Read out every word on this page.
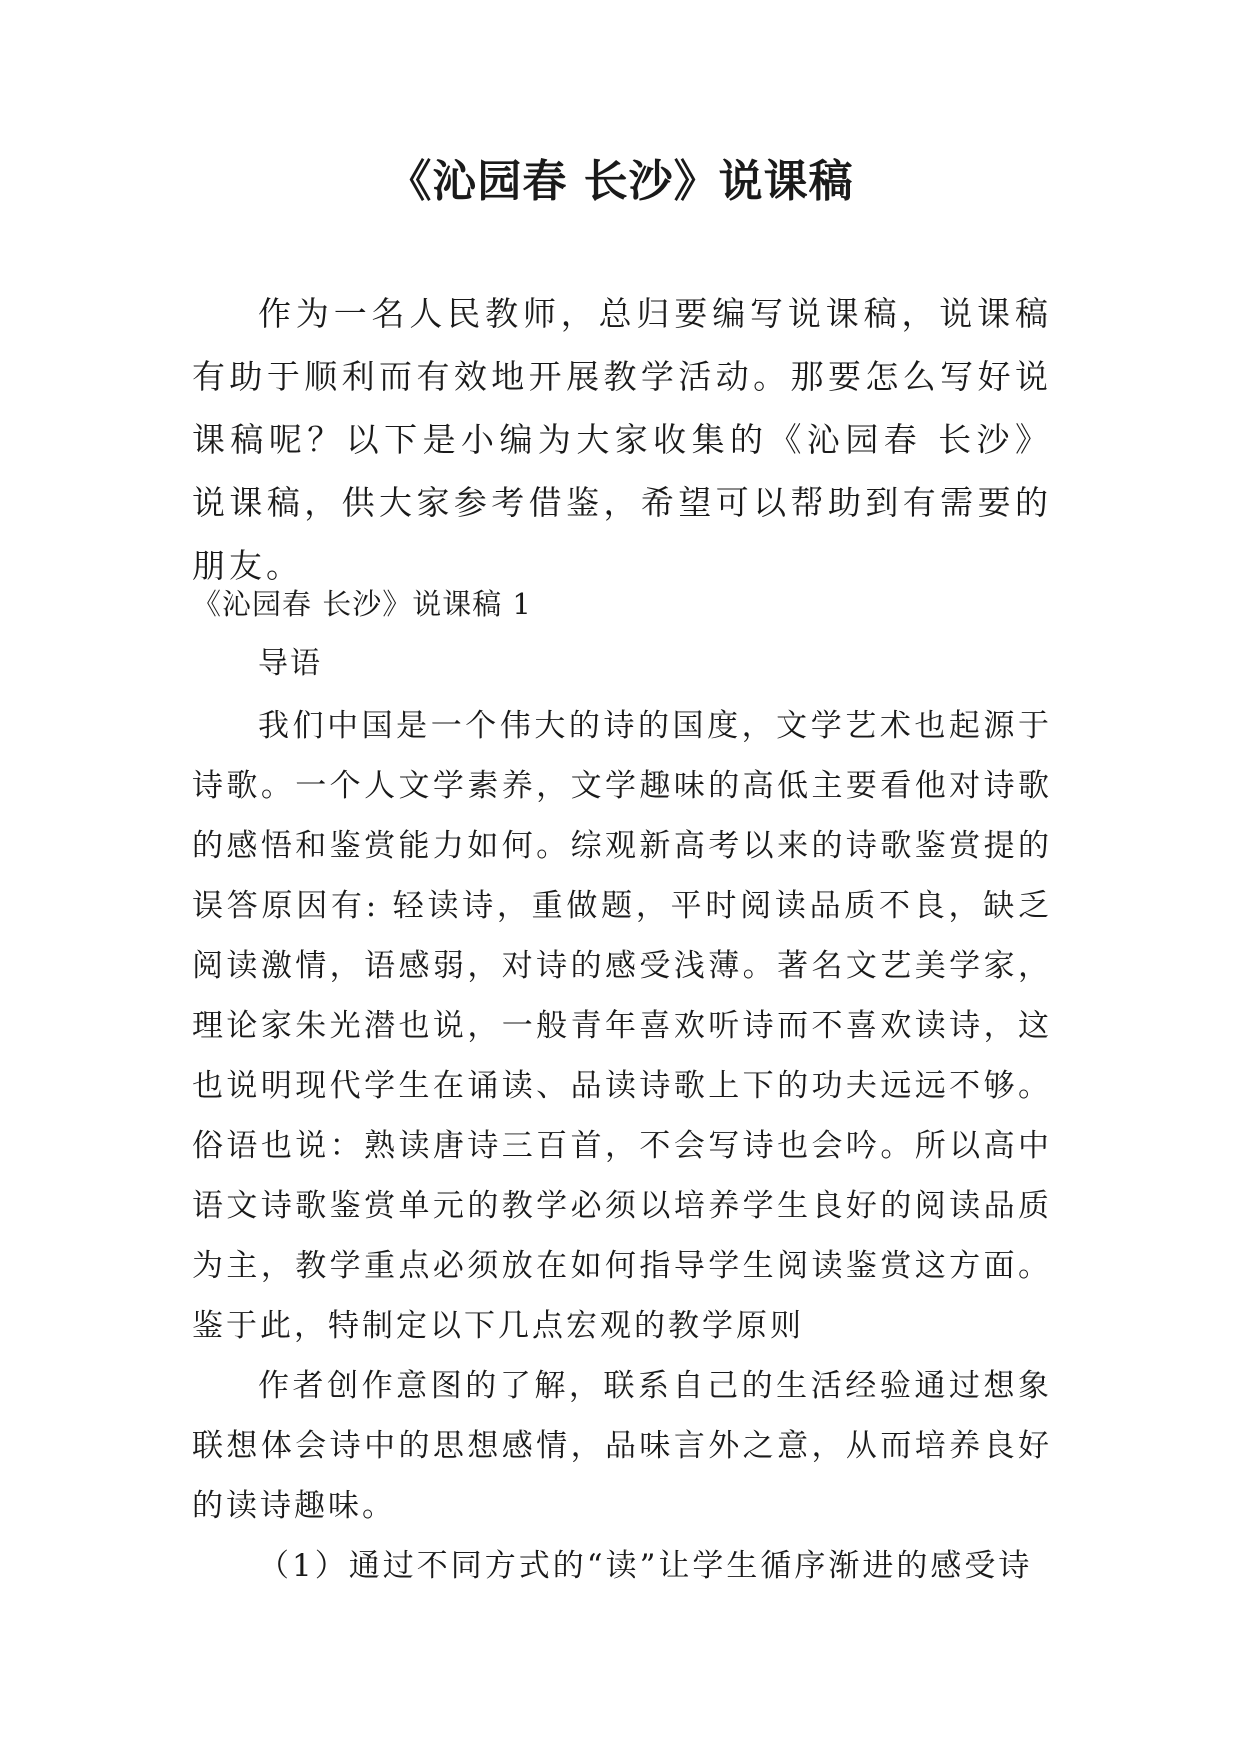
《沁园春 长沙》说课稿

作为一名人民教师，总归要编写说课稿，说课稿有助于顺利而有效地开展教学活动。那要怎么写好说课稿呢？以下是小编为大家收集的《沁园春 长沙》说课稿，供大家参考借鉴，希望可以帮助到有需要的朋友。

《沁园春 长沙》说课稿 1

导语

我们中国是一个伟大的诗的国度，文学艺术也起源于诗歌。一个人文学素养，文学趣味的高低主要看他对诗歌的感悟和鉴赏能力如何。综观新高考以来的诗歌鉴赏提的误答原因有: 轻读诗，重做题，平时阅读品质不良，缺乏阅读激情，语感弱，对诗的感受浅薄。著名文艺美学家，理论家朱光潜也说，一般青年喜欢听诗而不喜欢读诗，这也说明现代学生在诵读、品读诗歌上下的功夫远远不够。俗语也说：熟读唐诗三百首，不会写诗也会吟。所以高中语文诗歌鉴赏单元的教学必须以培养学生良好的阅读品质为主，教学重点必须放在如何指导学生阅读鉴赏这方面。鉴于此，特制定以下几点宏观的教学原则

作者创作意图的了解，联系自己的生活经验通过想象联想体会诗中的思想感情，品味言外之意，从而培养良好的读诗趣味。

（1）通过不同方式的“读”让学生循序渐进的感受诗
